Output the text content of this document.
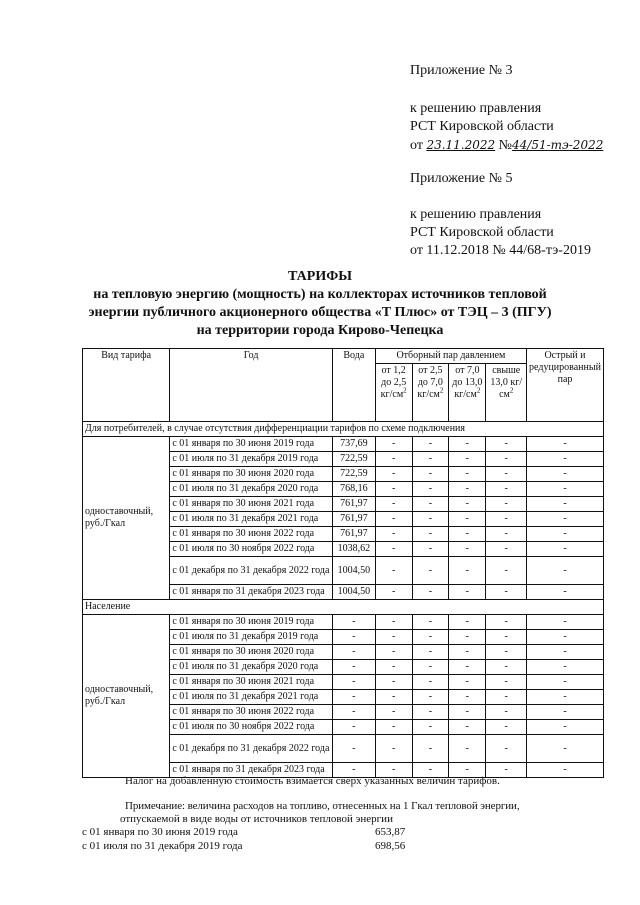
Приложение № 3
к решению правления
РСТ Кировской области
от 23.11.2022 №44/51-тэ-2022
Приложение № 5
к решению правления
РСТ Кировской области
от 11.12.2018 № 44/68-тэ-2019
ТАРИФЫ
на тепловую энергию (мощность) на коллекторах источников тепловой
энергии публичного акционерного общества «Т Плюс» от ТЭЦ – 3 (ПГУ)
на территории города Кирово-Чепецка
Вид тарифа	Год	Вода	Отборный пар давлением				Острый и редуцированный пар
			от 1,2 до 2,5 $кг/см^2$	от 2,5 до 7,0 $кг/см^2$	от 7,0 до 13,0 $кг/см^2$	свыше 13,0 $кг/см^2$
Для потребителей, в случае отсутствия дифференциации тарифов по схеме подключения							
одноставочный, руб./Гкал	с 01 января по 30 июня 2019 года	737,69	-	-	-	-	-
	с 01 июля по 31 декабря 2019 года	722,59	-	-	-	-	-
	с 01 января по 30 июня 2020 года	722,59	-	-	-	-	-
	с 01 июля по 31 декабря 2020 года	768,16	-	-	-	-	-
	с 01 января по 30 июня 2021 года	761,97	-	-	-	-	-
	с 01 июля по 31 декабря 2021 года	761,97	-	-	-	-	-
	с 01 января по 30 июня 2022 года	761,97	-	-	-	-	-
	с 01 июля по 30 ноября 2022 года	1038,62	-	-	-	-	-
	с 01 декабря по 31 декабря 2022 года	1004,50	-	-	-	-	-
	с 01 января по 31 декабря 2023 года	1004,50	-	-	-	-	-
Население							
одноставочный, руб./Гкал	с 01 января по 30 июня 2019 года	-	-	-	-	-	-
	с 01 июля по 31 декабря 2019 года	-	-	-	-	-	-
	с 01 января по 30 июня 2020 года	-	-	-	-	-	-
	с 01 июля по 31 декабря 2020 года	-	-	-	-	-	-
	с 01 января по 30 июня 2021 года	-	-	-	-	-	-
	с 01 июля по 31 декабря 2021 года	-	-	-	-	-	-
	с 01 января по 30 июня 2022 года	-	-	-	-	-	-
	с 01 июля по 30 ноября 2022 года	-	-	-	-	-	-
	с 01 декабря по 31 декабря 2022 года	-	-	-	-	-	-
	с 01 января по 31 декабря 2023 года	-	-	-	-	-	-
Налог на добавленную стоимость взимается сверх указанных величин тарифов.
Примечание: величина расходов на топливо, отнесенных на 1 Гкал тепловой энергии,
отпускаемой в виде воды от источников тепловой энергии
с 01 января по 30 июня 2019 года	653,87
с 01 июля по 31 декабря 2019 года	698,56
